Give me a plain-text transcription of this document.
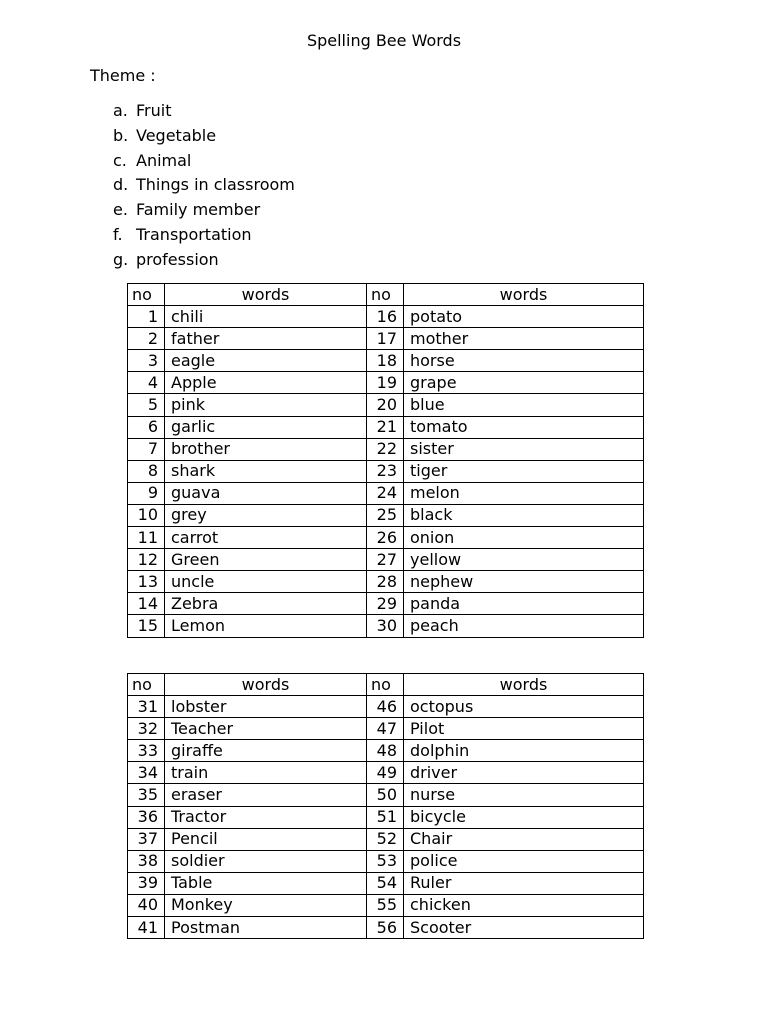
Spelling Bee Words
Theme :
a. Fruit
b. Vegetable
c. Animal
d. Things in classroom
e. Family member
f. Transportation
g. profession
no	words	no	words
1	chili	16	potato
2	father	17	mother
3	eagle	18	horse
4	Apple	19	grape
5	pink	20	blue
6	garlic	21	tomato
7	brother	22	sister
8	shark	23	tiger
9	guava	24	melon
10	grey	25	black
11	carrot	26	onion
12	Green	27	yellow
13	uncle	28	nephew
14	Zebra	29	panda
15	Lemon	30	peach
no	words	no	words
31	lobster	46	octopus
32	Teacher	47	Pilot
33	giraffe	48	dolphin
34	train	49	driver
35	eraser	50	nurse
36	Tractor	51	bicycle
37	Pencil	52	Chair
38	soldier	53	police
39	Table	54	Ruler
40	Monkey	55	chicken
41	Postman	56	Scooter
